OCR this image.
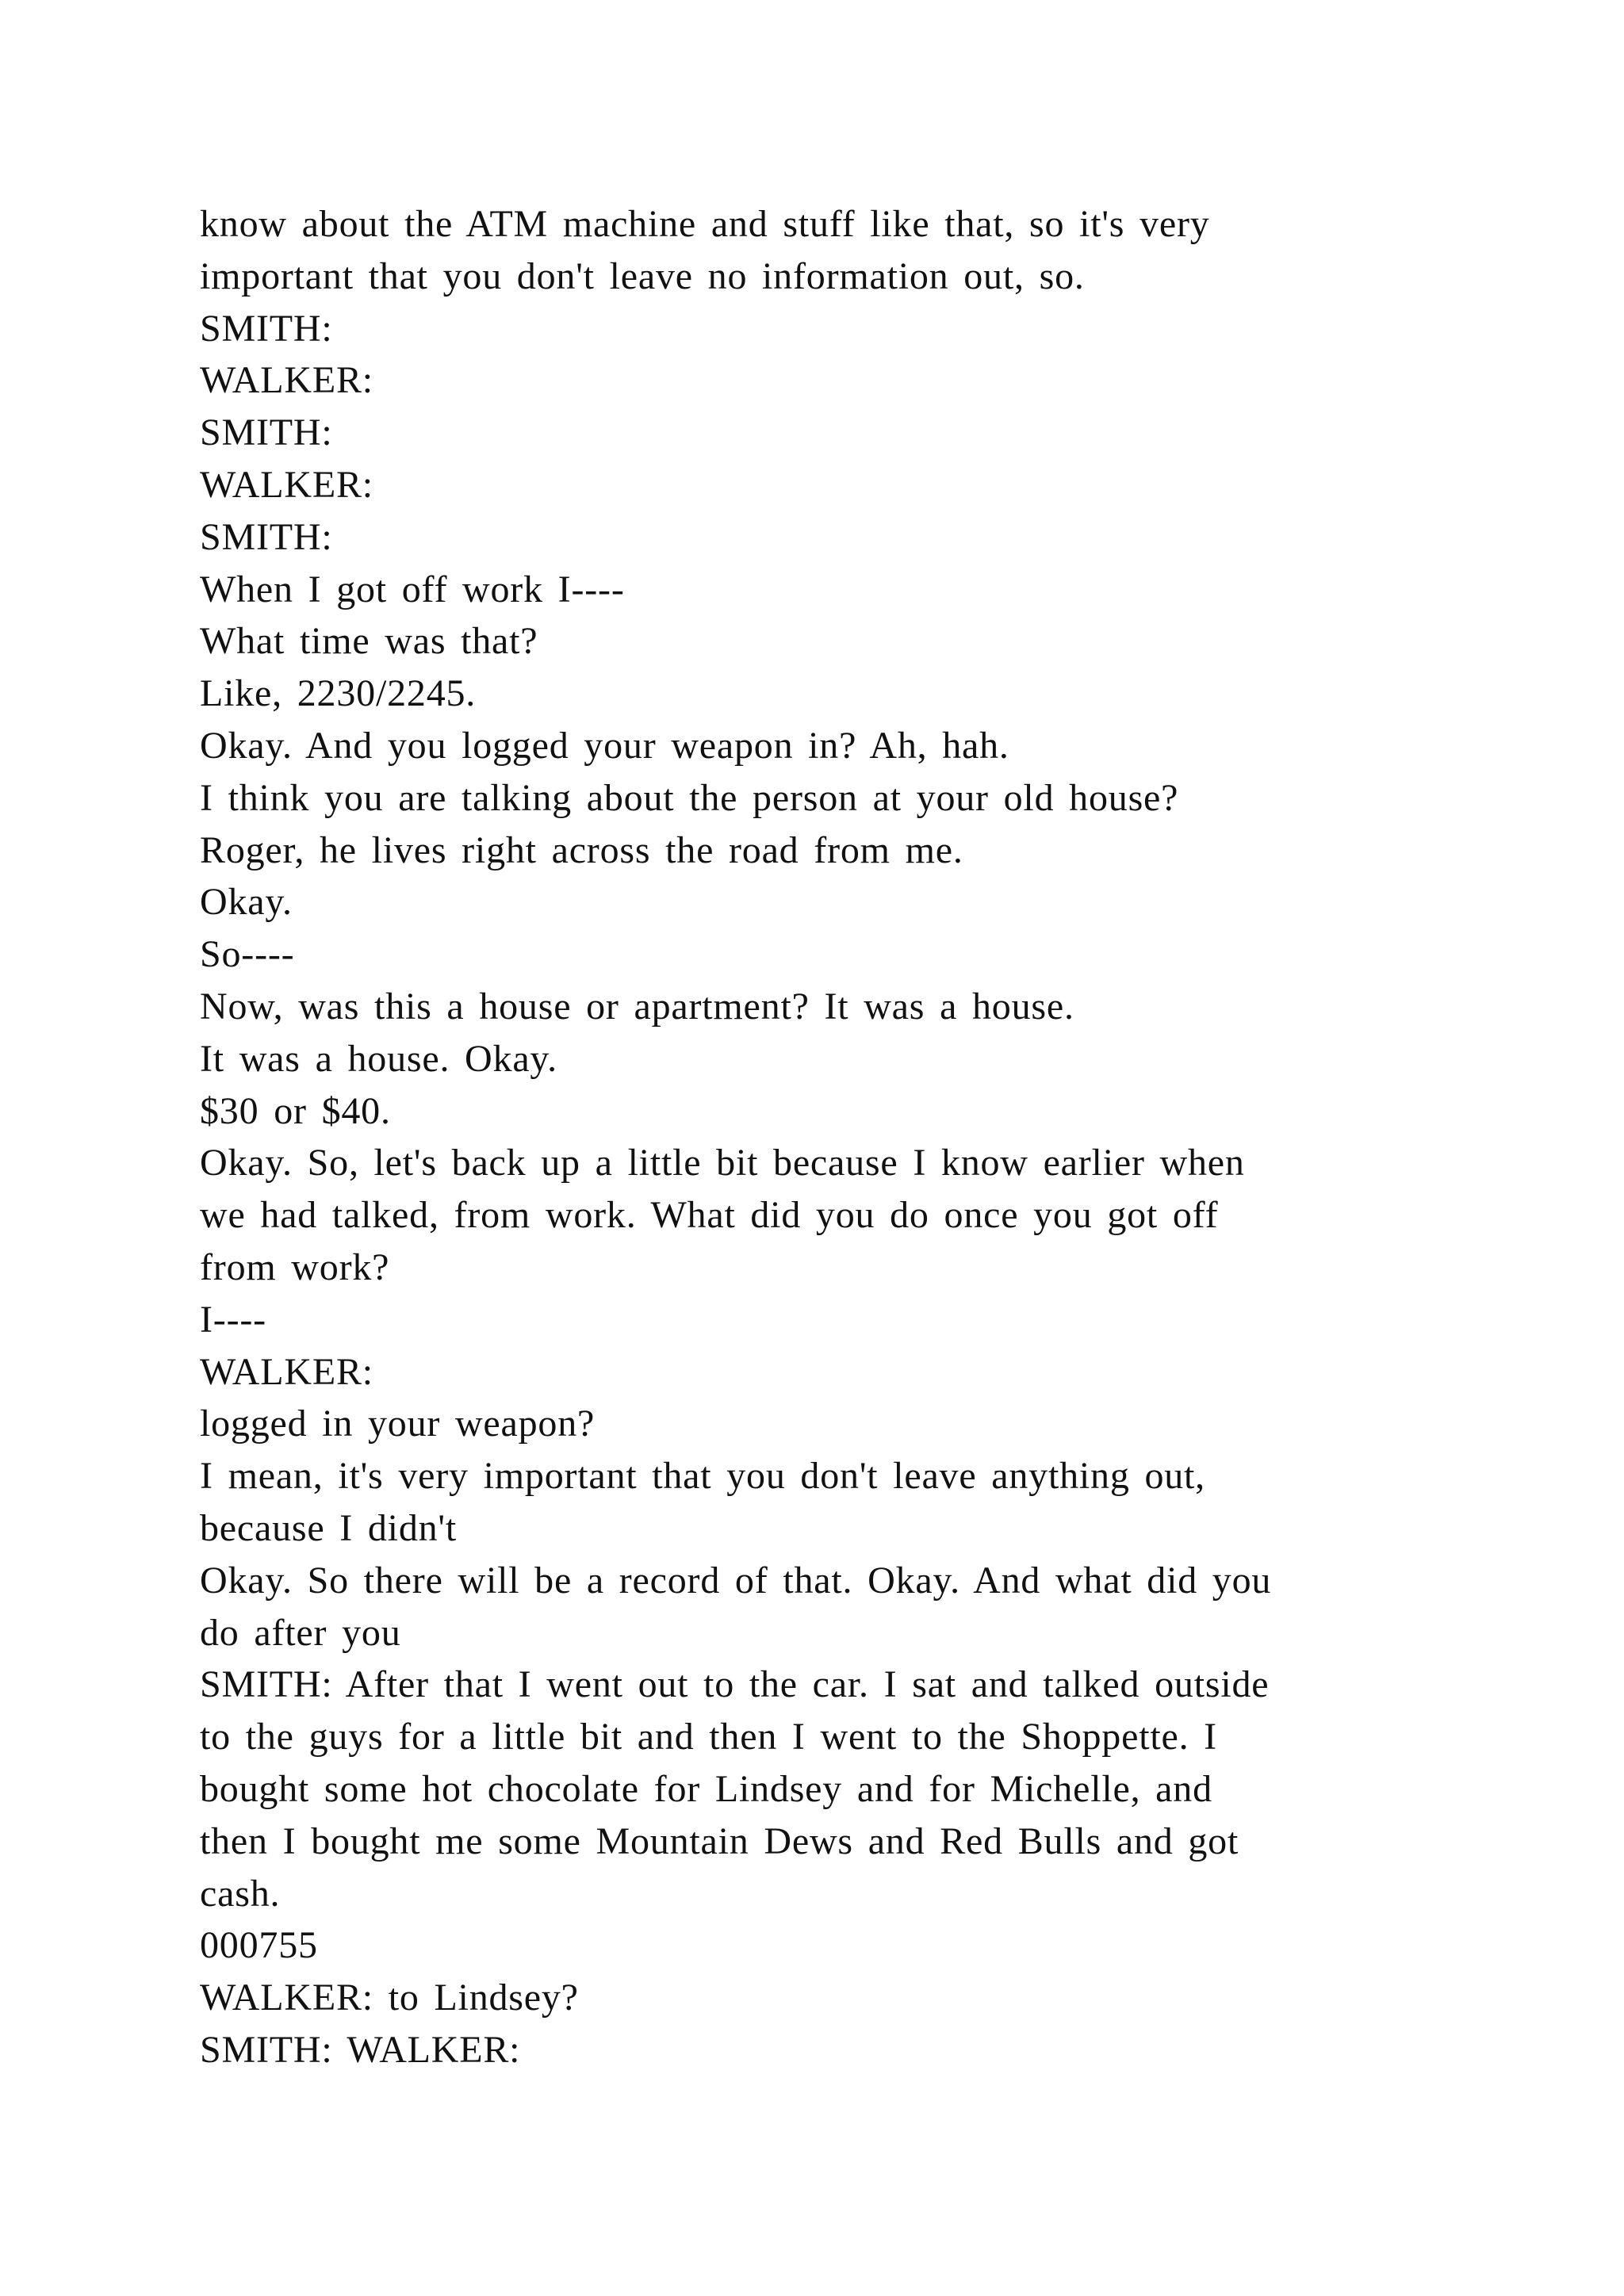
know about the ATM machine and stuff like that, so it's very
important that you don't leave no information out, so.
SMITH:
WALKER:
SMITH:
WALKER:
SMITH:
When I got off work I----
What time was that?
Like, 2230/2245.
Okay. And you logged your weapon in? Ah, hah.
I think you are talking about the person at your old house?
Roger, he lives right across the road from me.
Okay.
So----
Now, was this a house or apartment? It was a house.
It was a house. Okay.
$30 or $40.
Okay. So, let's back up a little bit because I know earlier when
we had talked, from work. What did you do once you got off
from work?
I----
WALKER:
logged in your weapon?
I mean, it's very important that you don't leave anything out,
because I didn't
Okay. So there will be a record of that. Okay. And what did you
do after you
SMITH: After that I went out to the car. I sat and talked outside
to the guys for a little bit and then I went to the Shoppette. I
bought some hot chocolate for Lindsey and for Michelle, and
then I bought me some Mountain Dews and Red Bulls and got
cash.
000755
WALKER: to Lindsey?
SMITH: WALKER:
